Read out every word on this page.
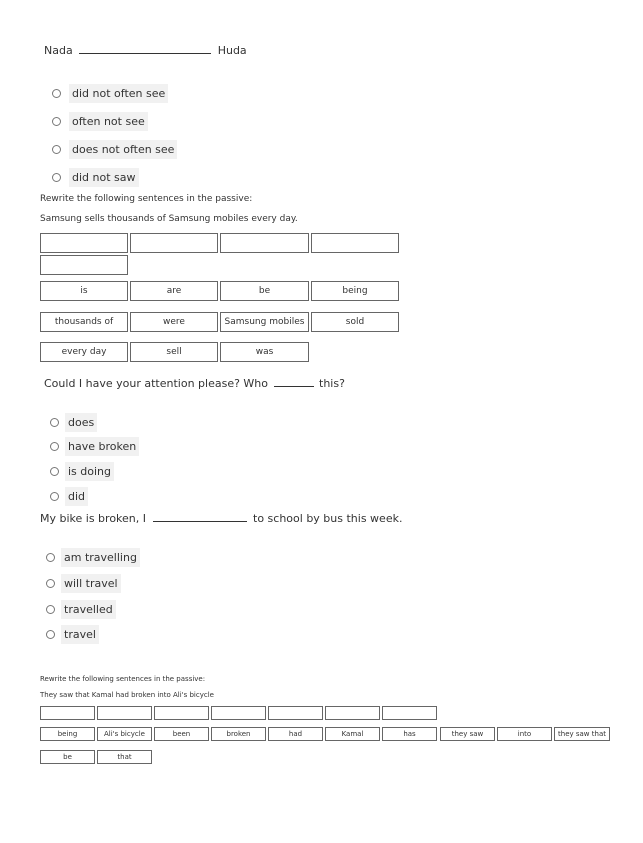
Nada	Huda
did not often see
often not see
does not often see
did not saw
Rewrite the following sentences in the passive:
Samsung sells thousands of Samsung mobiles every day.
is	are	be	being
thousands of	were	Samsung mobiles	sold
every day	sell	was
Could I have your attention please? Who	this?
does
have broken
is doing
did
My bike is broken, I	to school by bus this week.
am travelling
will travel
travelled
travel
Rewrite the following sentences in the passive:
They saw that Kamal had broken into Ali's bicycle
being	Ali's bicycle	been	broken	had	Kamal	has	they saw	into	they saw that
be	that
